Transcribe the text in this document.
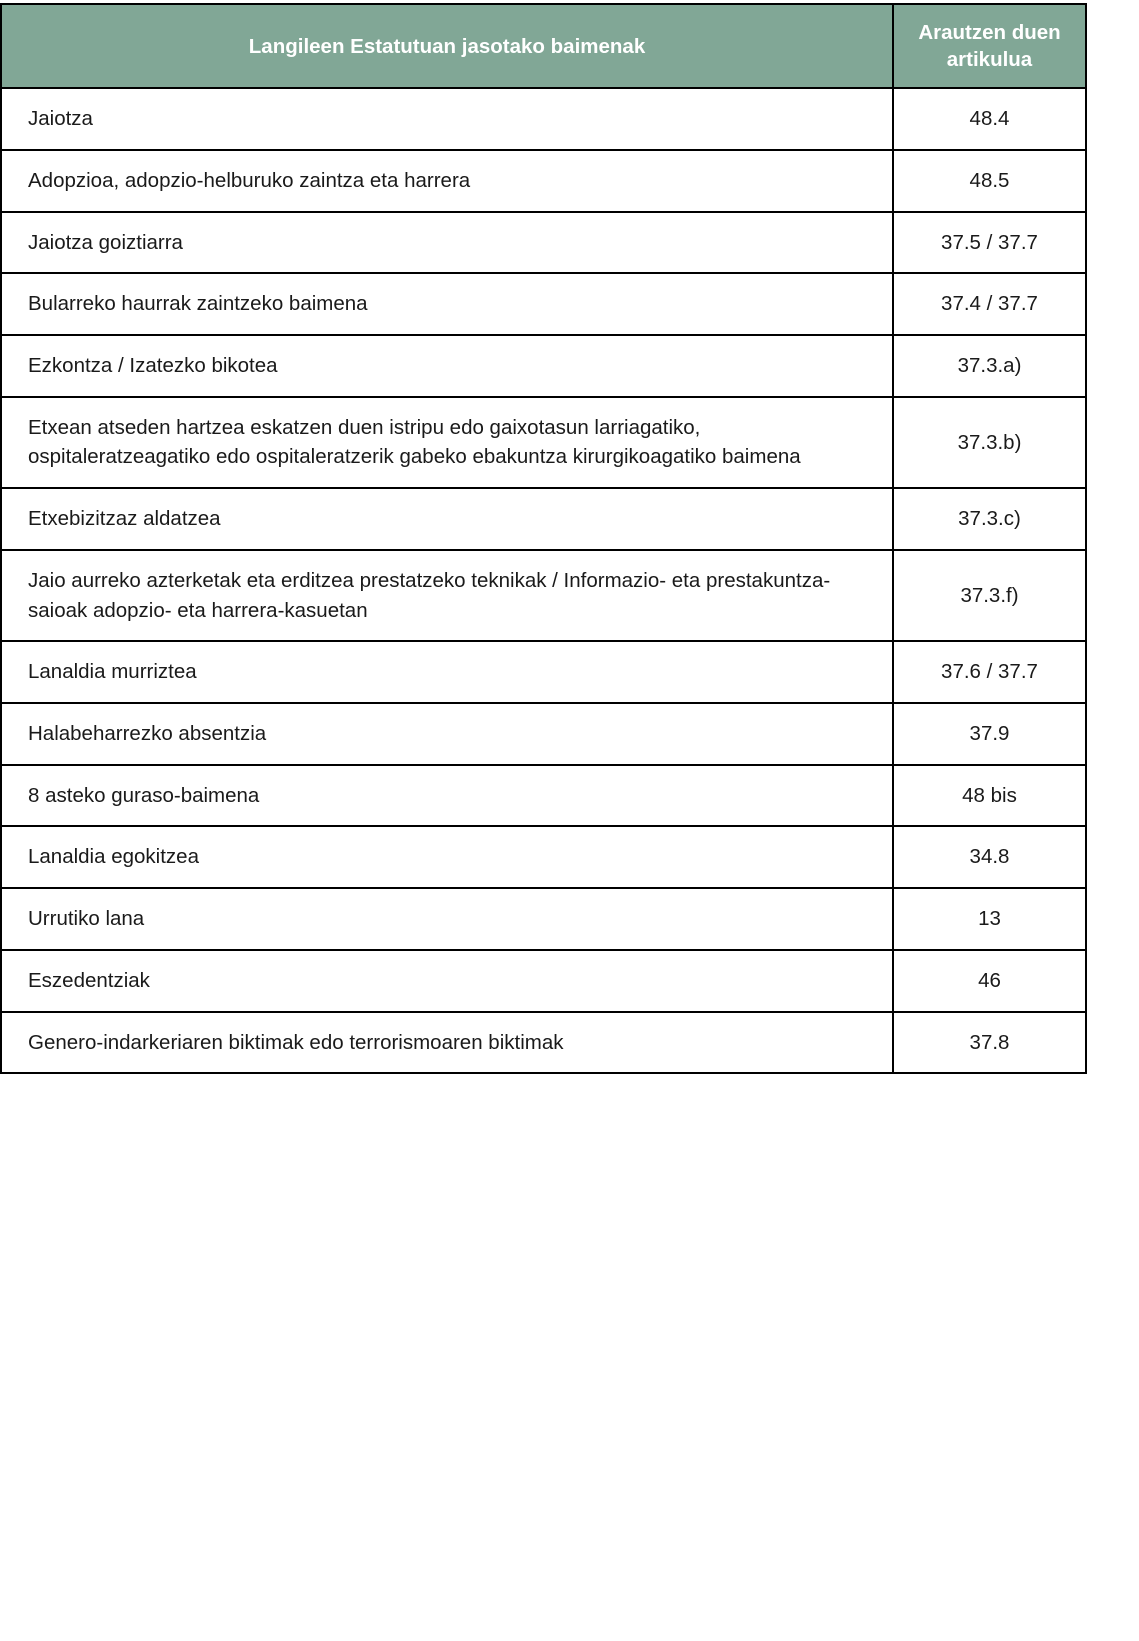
Langileen Estatutuan jasotako baimenak	Arautzen duen artikulua
Jaiotza	48.4
Adopzioa, adopzio-helburuko zaintza eta harrera	48.5
Jaiotza goiztiarra	37.5 / 37.7
Bularreko haurrak zaintzeko baimena	37.4 / 37.7
Ezkontza / Izatezko bikotea	37.3.a)
Etxean atseden hartzea eskatzen duen istripu edo gaixotasun larriagatiko, ospitaleratzeagatiko edo ospitaleratzerik gabeko ebakuntza kirurgikoagatiko baimena	37.3.b)
Etxebizitzaz aldatzea	37.3.c)
Jaio aurreko azterketak eta erditzea prestatzeko teknikak / Informazio- eta prestakuntza-saioak adopzio- eta harrera-kasuetan	37.3.f)
Lanaldia murriztea	37.6 / 37.7
Halabeharrezko absentzia	37.9
8 asteko guraso-baimena	48 bis
Lanaldia egokitzea	34.8
Urrutiko lana	13
Eszedentziak	46
Genero-indarkeriaren biktimak edo terrorismoaren biktimak	37.8
